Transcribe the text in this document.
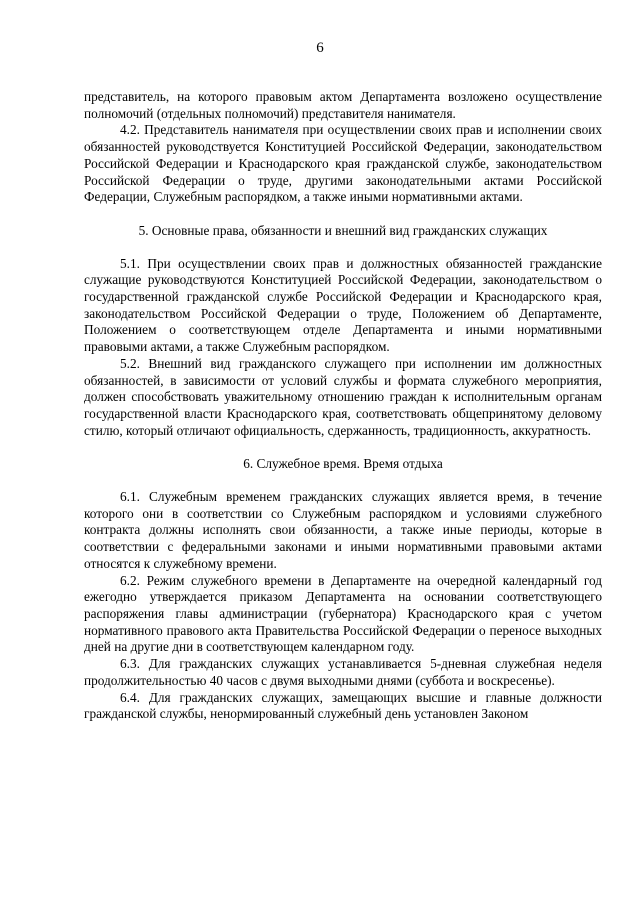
6

представитель, на которого правовым актом Департамента возложено осуществление полномочий (отдельных полномочий) представителя нанимателя.

4.2. Представитель нанимателя при осуществлении своих прав и исполнении своих обязанностей руководствуется Конституцией Российской Федерации, законодательством Российской Федерации и Краснодарского края гражданской службе, законодательством Российской Федерации о труде, другими законодательными актами Российской Федерации, Служебным распорядком, а также иными нормативными актами.

5. Основные права, обязанности и внешний вид гражданских служащих

5.1. При осуществлении своих прав и должностных обязанностей гражданские служащие руководствуются Конституцией Российской Федерации, законодательством о государственной гражданской службе Российской Федерации и Краснодарского края, законодательством Российской Федерации о труде, Положением об Департаменте, Положением о соответствующем отделе Департамента и иными нормативными правовыми актами, а также Служебным распорядком.

5.2. Внешний вид гражданского служащего при исполнении им должностных обязанностей, в зависимости от условий службы и формата служебного мероприятия, должен способствовать уважительному отношению граждан к исполнительным органам государственной власти Краснодарского края, соответствовать общепринятому деловому стилю, который отличают официальность, сдержанность, традиционность, аккуратность.

6. Служебное время. Время отдыха

6.1. Служебным временем гражданских служащих является время, в течение которого они в соответствии со Служебным распорядком и условиями служебного контракта должны исполнять свои обязанности, а также иные периоды, которые в соответствии с федеральными законами и иными нормативными правовыми актами относятся к служебному времени.

6.2. Режим служебного времени в Департаменте на очередной календарный год ежегодно утверждается приказом Департамента на основании соответствующего распоряжения главы администрации (губернатора) Краснодарского края с учетом нормативного правового акта Правительства Российской Федерации о переносе выходных дней на другие дни в соответствующем календарном году.

6.3. Для гражданских служащих устанавливается 5-дневная служебная неделя продолжительностью 40 часов с двумя выходными днями (суббота и воскресенье).

6.4. Для гражданских служащих, замещающих высшие и главные должности гражданской службы, ненормированный служебный день установлен Законом
